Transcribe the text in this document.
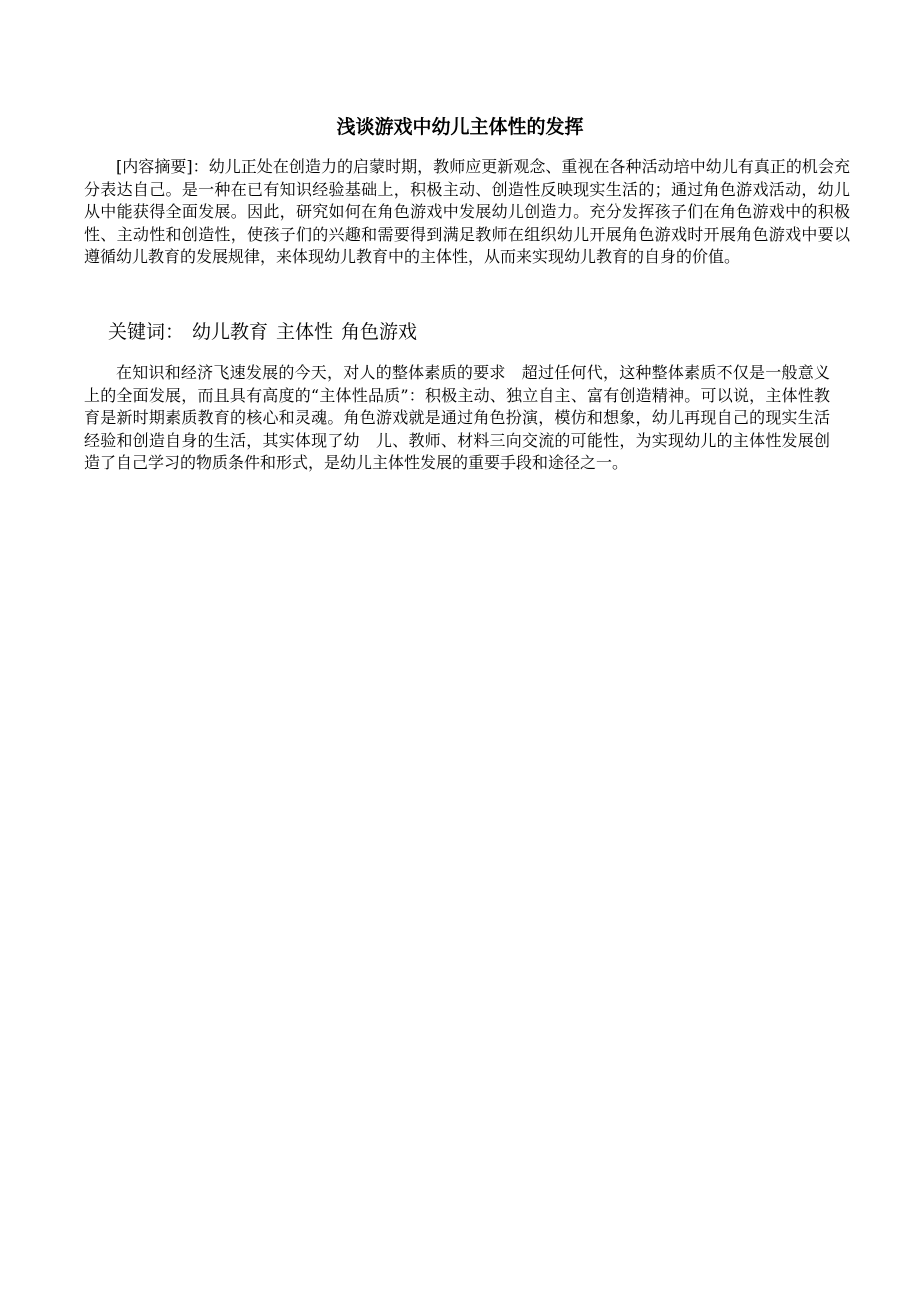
浅谈游戏中幼儿主体性的发挥

[内容摘要]：幼儿正处在创造力的启蒙时期，教师应更新观念、重视在各种活动培中幼儿有真正的机会充分表达自己。是一种在已有知识经验基础上，积极主动、创造性反映现实生活的；通过角色游戏活动，幼儿从中能获得全面发展。因此，研究如何在角色游戏中发展幼儿创造力。充分发挥孩子们在角色游戏中的积极性、主动性和创造性，使孩子们的兴趣和需要得到满足教师在组织幼儿开展角色游戏时开展角色游戏中要以遵循幼儿教育的发展规律，来体现幼儿教育中的主体性，从而来实现幼儿教育的自身的价值。

关键词： 幼儿教育 主体性 角色游戏

在知识和经济飞速发展的今天，对人的整体素质的要求　超过任何代，这种整体素质不仅是一般意义上的全面发展，而且具有高度的“主体性品质”：积极主动、独立自主、富有创造精神。可以说，主体性教育是新时期素质教育的核心和灵魂。角色游戏就是通过角色扮演，模仿和想象，幼儿再现自己的现实生活经验和创造自身的生活，其实体现了幼　儿、教师、材料三向交流的可能性，为实现幼儿的主体性发展创造了自己学习的物质条件和形式，是幼儿主体性发展的重要手段和途径之一。
